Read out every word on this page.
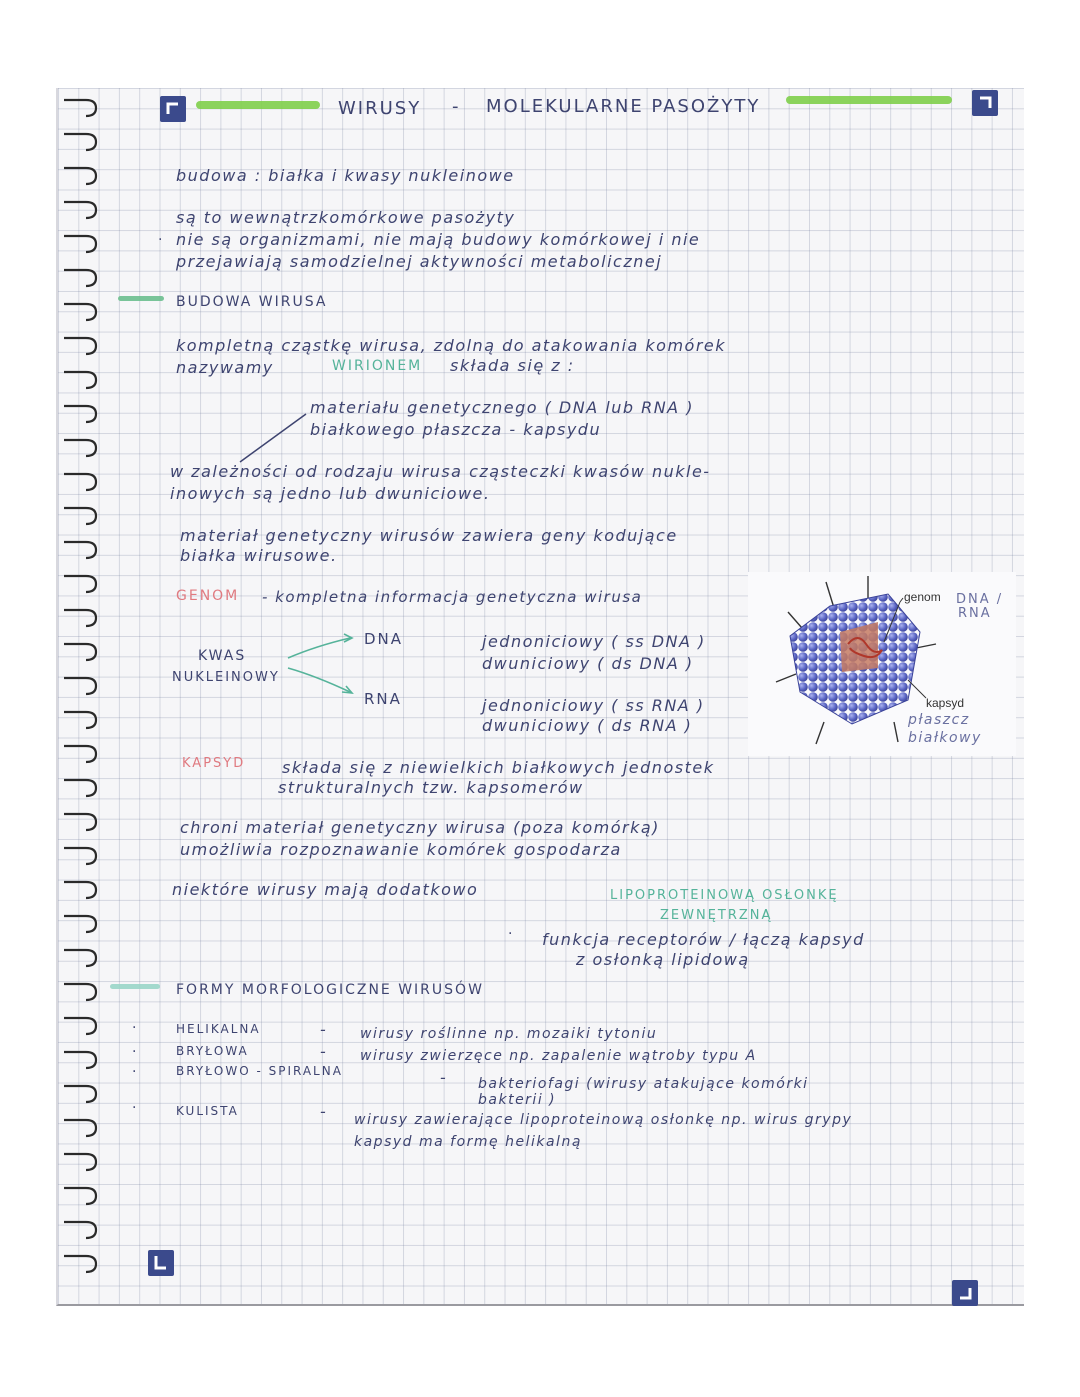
WIRUSY - MOLEKULARNE PASOŻYTY
budowa : białka i kwasy nukleinowe
są to wewnątrzkomórkowe pasożyty
· nie są organizmami, nie mają budowy komórkowej i nie
przejawiają samodzielnej aktywności metabolicznej
BUDOWA WIRUSA
kompletną cząstkę wirusa, zdolną do atakowania komórek
nazywamy	WIRIONEM składa się z :
materiału genetycznego ( DNA lub RNA )
białkowego płaszcza - kapsydu
w zależności od rodzaju wirusa cząsteczki kwasów nukle-
inowych są jedno lub dwuniciowe.
materiał genetyczny wirusów zawiera geny kodujące
białka wirusowe.
GENOM - kompletna informacja genetyczna wirusa
KWAS
NUKLEINOWY
DNA
RNA
jednoniciowy ( ss DNA )
dwuniciowy ( ds DNA )
jednoniciowy ( ss RNA )
dwuniciowy ( ds RNA )
genom
kapsyd
DNA /
RNA
płaszcz
białkowy
KAPSYD składa się z niewielkich białkowych jednostek
strukturalnych tzw. kapsomerów
chroni materiał genetyczny wirusa (poza komórką)
umożliwia rozpoznawanie komórek gospodarza
niektóre wirusy mają dodatkowo	LIPOPROTEINOWĄ OSŁONKĘ
ZEWNĘTRZNĄ
· funkcja receptorów / łączą kapsyd
z osłonką lipidową
FORMY MORFOLOGICZNE WIRUSÓW
HELIKALNA	- wirusy roślinne np. mozaiki tytoniu
BRYŁOWA	- wirusy zwierzęce np. zapalenie wątroby typu A
BRYŁOWO - SPIRALNA	- bakteriofagi (wirusy atakujące komórki
bakterii )
KULISTA	- wirusy zawierające lipoproteinową osłonkę np. wirus grypy
kapsyd ma formę helikalną
·
·
·
·
